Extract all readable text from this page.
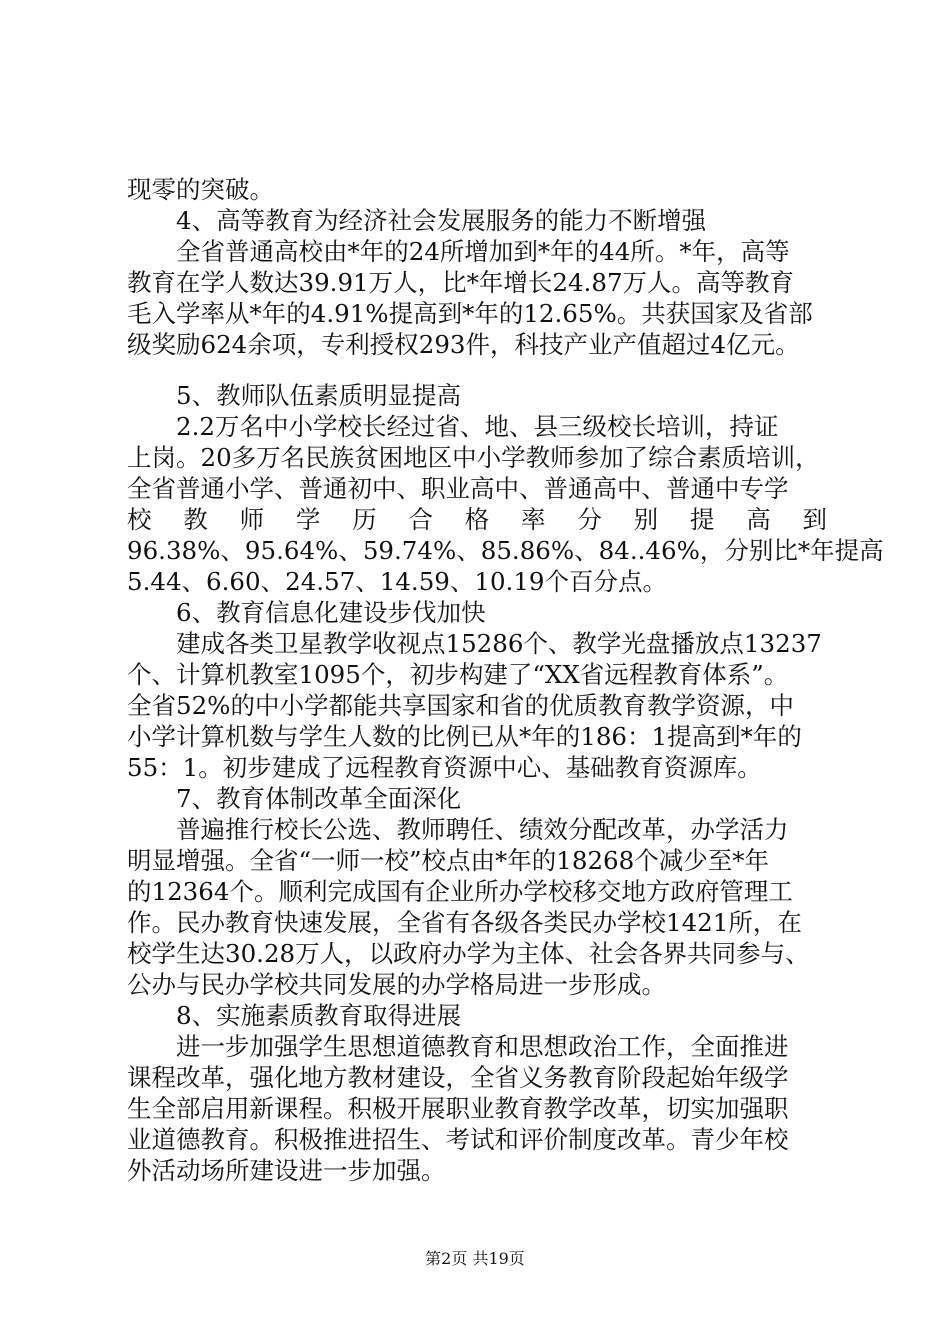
现零的突破。
4、高等教育为经济社会发展服务的能力不断增强
全省普通高校由*年的24所增加到*年的44所。*年，高等
教育在学人数达39.91万人，比*年增长24.87万人。高等教育
毛入学率从*年的4.91%提高到*年的12.65%。共获国家及省部
级奖励624余项，专利授权293件，科技产业产值超过4亿元。
5、教师队伍素质明显提高
2.2万名中小学校长经过省、地、县三级校长培训，持证
上岗。20多万名民族贫困地区中小学教师参加了综合素质培训，
全省普通小学、普通初中、职业高中、普通高中、普通中专学
校 教 师 学 历 合 格 率 分 别 提 高 到
96.38%、95.64%、59.74%、85.86%、84..46%，分别比*年提高
5.44、6.60、24.57、14.59、10.19个百分点。
6、教育信息化建设步伐加快
建成各类卫星教学收视点15286个、教学光盘播放点13237
个、计算机教室1095个，初步构建了“XX省远程教育体系”。
全省52%的中小学都能共享国家和省的优质教育教学资源，中
小学计算机数与学生人数的比例已从*年的186：1提高到*年的
55：1。初步建成了远程教育资源中心、基础教育资源库。
7、教育体制改革全面深化
普遍推行校长公选、教师聘任、绩效分配改革，办学活力
明显增强。全省“一师一校”校点由*年的18268个减少至*年
的12364个。顺利完成国有企业所办学校移交地方政府管理工
作。民办教育快速发展，全省有各级各类民办学校1421所，在
校学生达30.28万人，以政府办学为主体、社会各界共同参与、
公办与民办学校共同发展的办学格局进一步形成。
8、实施素质教育取得进展
进一步加强学生思想道德教育和思想政治工作，全面推进
课程改革，强化地方教材建设，全省义务教育阶段起始年级学
生全部启用新课程。积极开展职业教育教学改革，切实加强职
业道德教育。积极推进招生、考试和评价制度改革。青少年校
外活动场所建设进一步加强。
第2页 共19页
